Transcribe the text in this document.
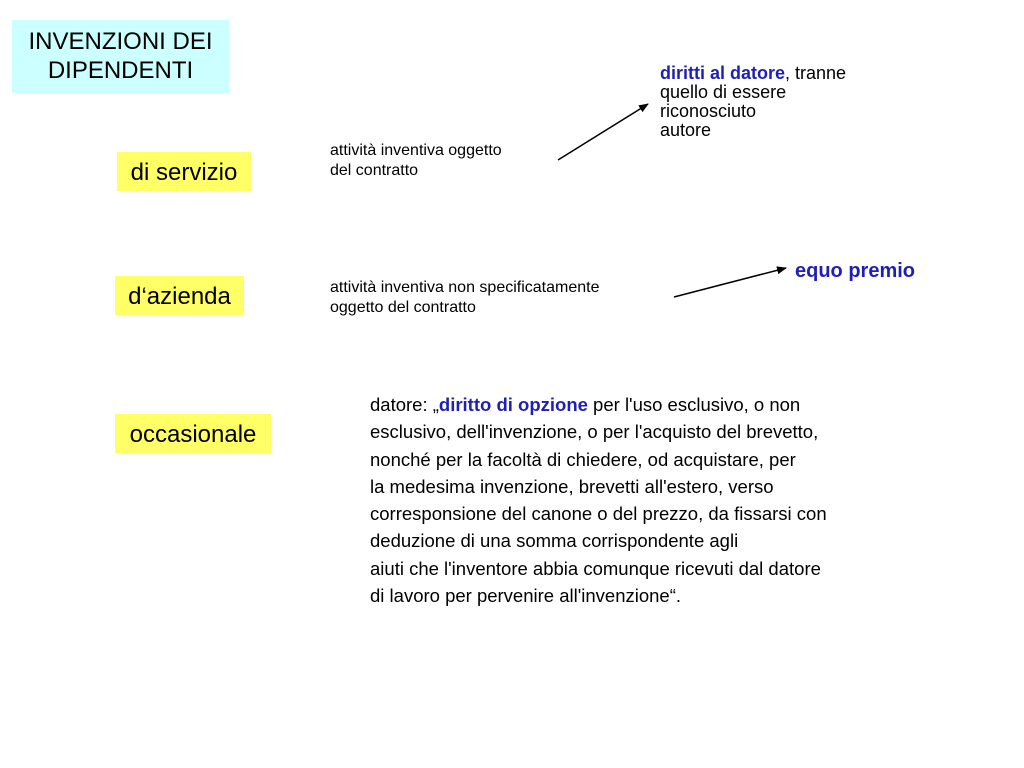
INVENZIONI DEI
DIPENDENTI
di servizio
d‘azienda
occasionale
attività inventiva oggetto
del contratto
diritti al datore, tranne
quello di essere
riconosciuto
autore
attività inventiva non specificatamente
oggetto del contratto
equo premio
datore: „diritto di opzione per l'uso esclusivo, o non
esclusivo, dell'invenzione, o per l'acquisto del brevetto,
nonché per la facoltà di chiedere, od acquistare, per
la medesima invenzione, brevetti all'estero, verso
corresponsione del canone o del prezzo, da fissarsi con
deduzione di una somma corrispondente agli
aiuti che l'inventore abbia comunque ricevuti dal datore
di lavoro per pervenire all'invenzione“.
